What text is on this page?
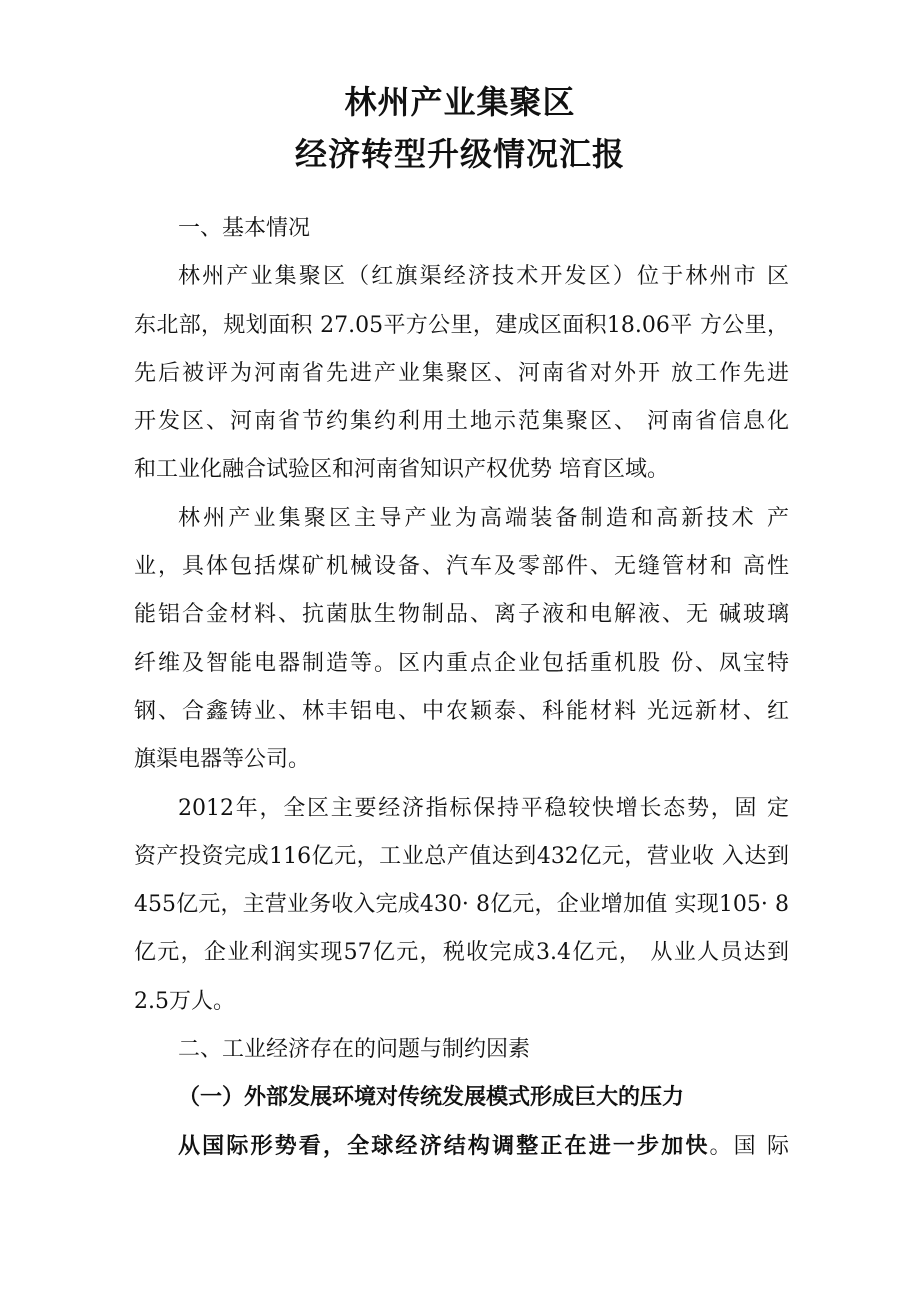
林州产业集聚区
经济转型升级情况汇报
一、基本情况
林州产业集聚区（红旗渠经济技术开发区）位于林州市 区
东北部，规划面积 27.05平方公里，建成区面积18.06平 方公里，
先后被评为河南省先进产业集聚区、河南省对外开 放工作先进
开发区、河南省节约集约利用土地示范集聚区、 河南省信息化
和工业化融合试验区和河南省知识产权优势 培育区域。
林州产业集聚区主导产业为高端装备制造和高新技术 产
业，具体包括煤矿机械设备、汽车及零部件、无缝管材和 高性
能铝合金材料、抗菌肽生物制品、离子液和电解液、无 碱玻璃
纤维及智能电器制造等。区内重点企业包括重机股 份、凤宝特
钢、合鑫铸业、林丰铝电、中农颖泰、科能材料 光远新材、红
旗渠电器等公司。
2012年，全区主要经济指标保持平稳较快增长态势，固 定
资产投资完成116亿元，工业总产值达到432亿元，营业收 入达到
455亿元，主营业务收入完成430· 8亿元，企业增加值 实现105· 8
亿元，企业利润实现57亿元，税收完成3.4亿元， 从业人员达到
2.5万人。
二、工业经济存在的问题与制约因素
（一）外部发展环境对传统发展模式形成巨大的压力
从国际形势看，全球经济结构调整正在进一步加快。国 际
